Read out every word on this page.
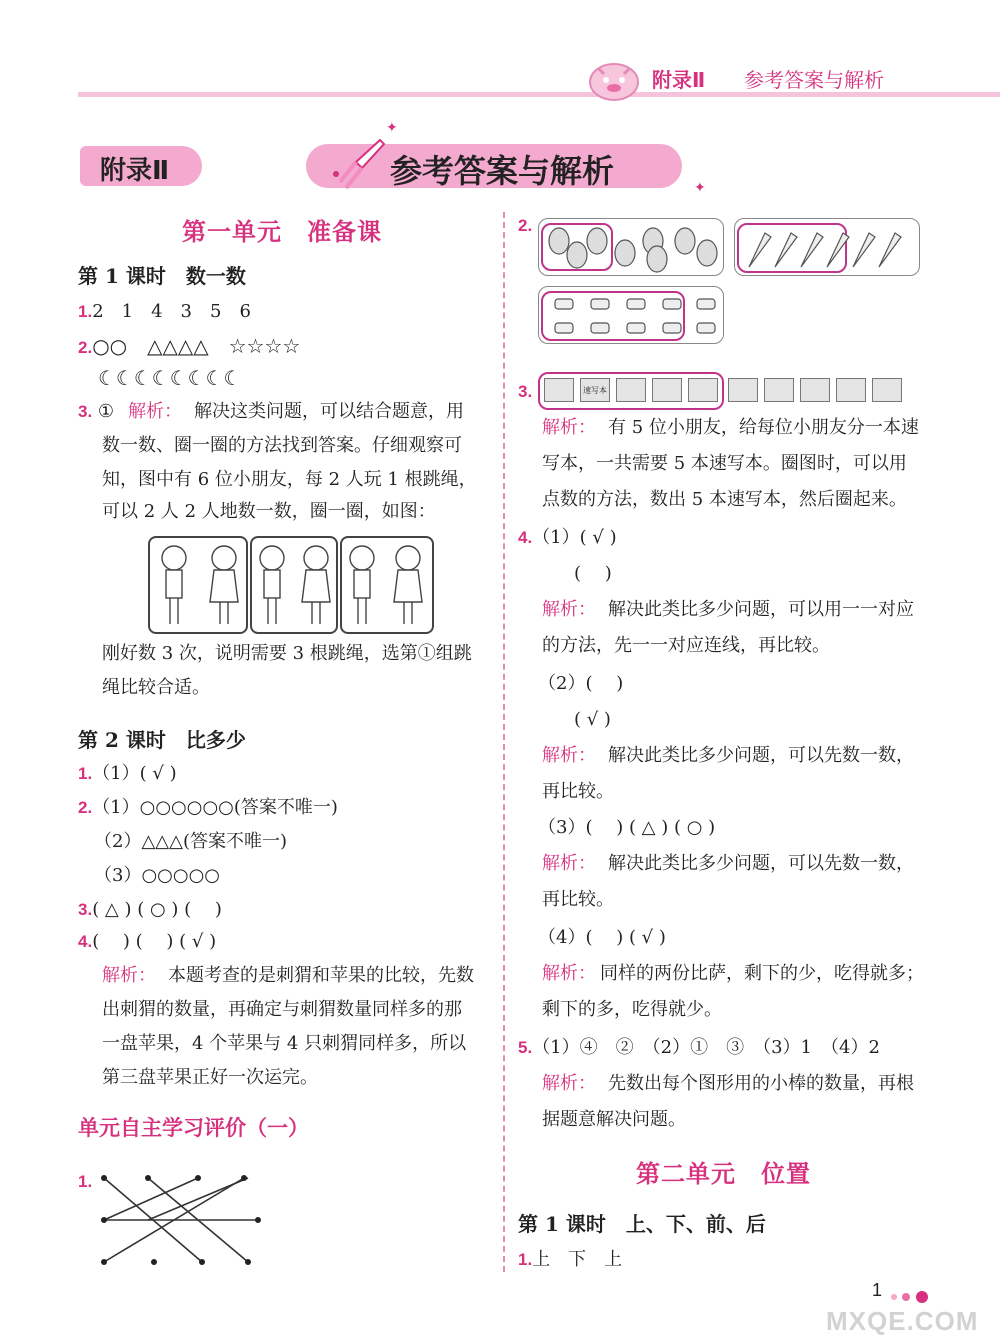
附录Ⅱ 参考答案与解析
附录Ⅱ	参考答案与解析
✦
✦
第一单元　准备课
第 1 课时　数一数
1.2　1　4　3　5　6
2.○○　△△△△　☆☆☆☆
☾☾☾☾☾☾☾☾
3. ① 解析： 解决这类问题，可以结合题意，用
数一数、圈一圈的方法找到答案。仔细观察可
知，图中有 6 位小朋友，每 2 人玩 1 根跳绳，
可以 2 人 2 人地数一数，圈一圈，如图：
刚好数 3 次，说明需要 3 根跳绳，选第①组跳
绳比较合适。
第 2 课时　比多少
1.（1）( √ )
2.（1）○○○○○○(答案不唯一)
（2）△△△(答案不唯一)
（3）○○○○○
3.( △ ) ( ○ ) (　 )
4.(　 ) (　 ) ( √ )
解析： 本题考查的是刺猬和苹果的比较，先数
出刺猬的数量，再确定与刺猬数量同样多的那
一盘苹果，4 个苹果与 4 只刺猬同样多，所以
第三盘苹果正好一次运完。
单元自主学习评价（一）
1.
2.
3.	速写本
解析： 有 5 位小朋友，给每位小朋友分一本速
写本，一共需要 5 本速写本。圈图时，可以用
点数的方法，数出 5 本速写本，然后圈起来。
4.（1）( √ )
(　 )
解析： 解决此类比多少问题，可以用一一对应
的方法，先一一对应连线，再比较。
（2）(　 )
( √ )
解析： 解决此类比多少问题，可以先数一数，
再比较。
（3）(　 ) ( △ ) ( ○ )
解析： 解决此类比多少问题，可以先数一数，
再比较。
（4）(　 ) ( √ )
解析： 同样的两份比萨，剩下的少，吃得就多；
剩下的多，吃得就少。
5.（1）④　②　（2）①　③　（3）1　（4）2
解析： 先数出每个图形用的小棒的数量，再根
据题意解决问题。
第二单元　位置
第 1 课时　上、下、前、后
1.上　下　上
1
MXQE.COM
